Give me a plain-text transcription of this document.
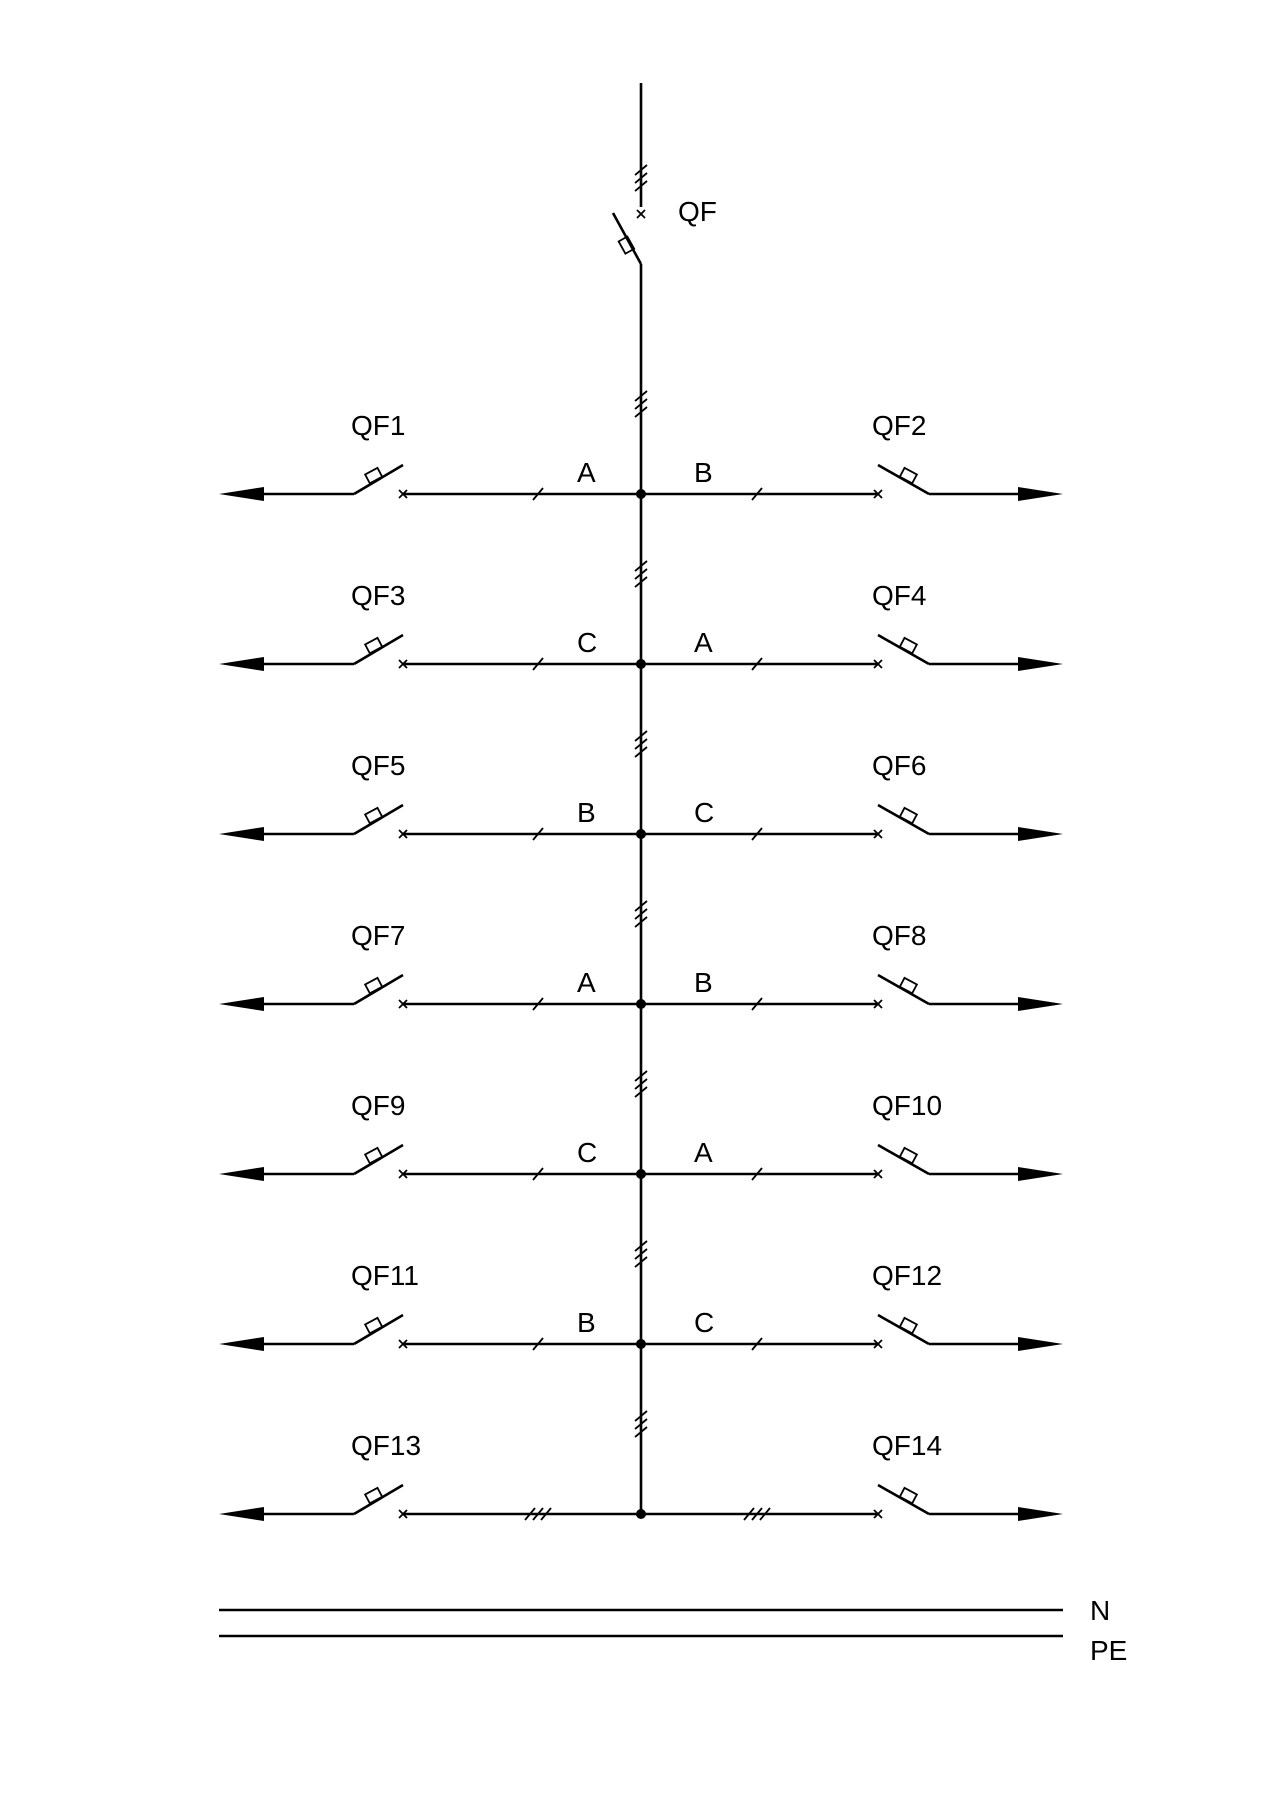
QF
QF1	QF2
A	B
QF3	QF4
C	A
QF5	QF6
B	C
QF7	QF8
A	B
QF9	QF10
C	A
QF11	QF12
B	C
QF13	QF14
N
PE
